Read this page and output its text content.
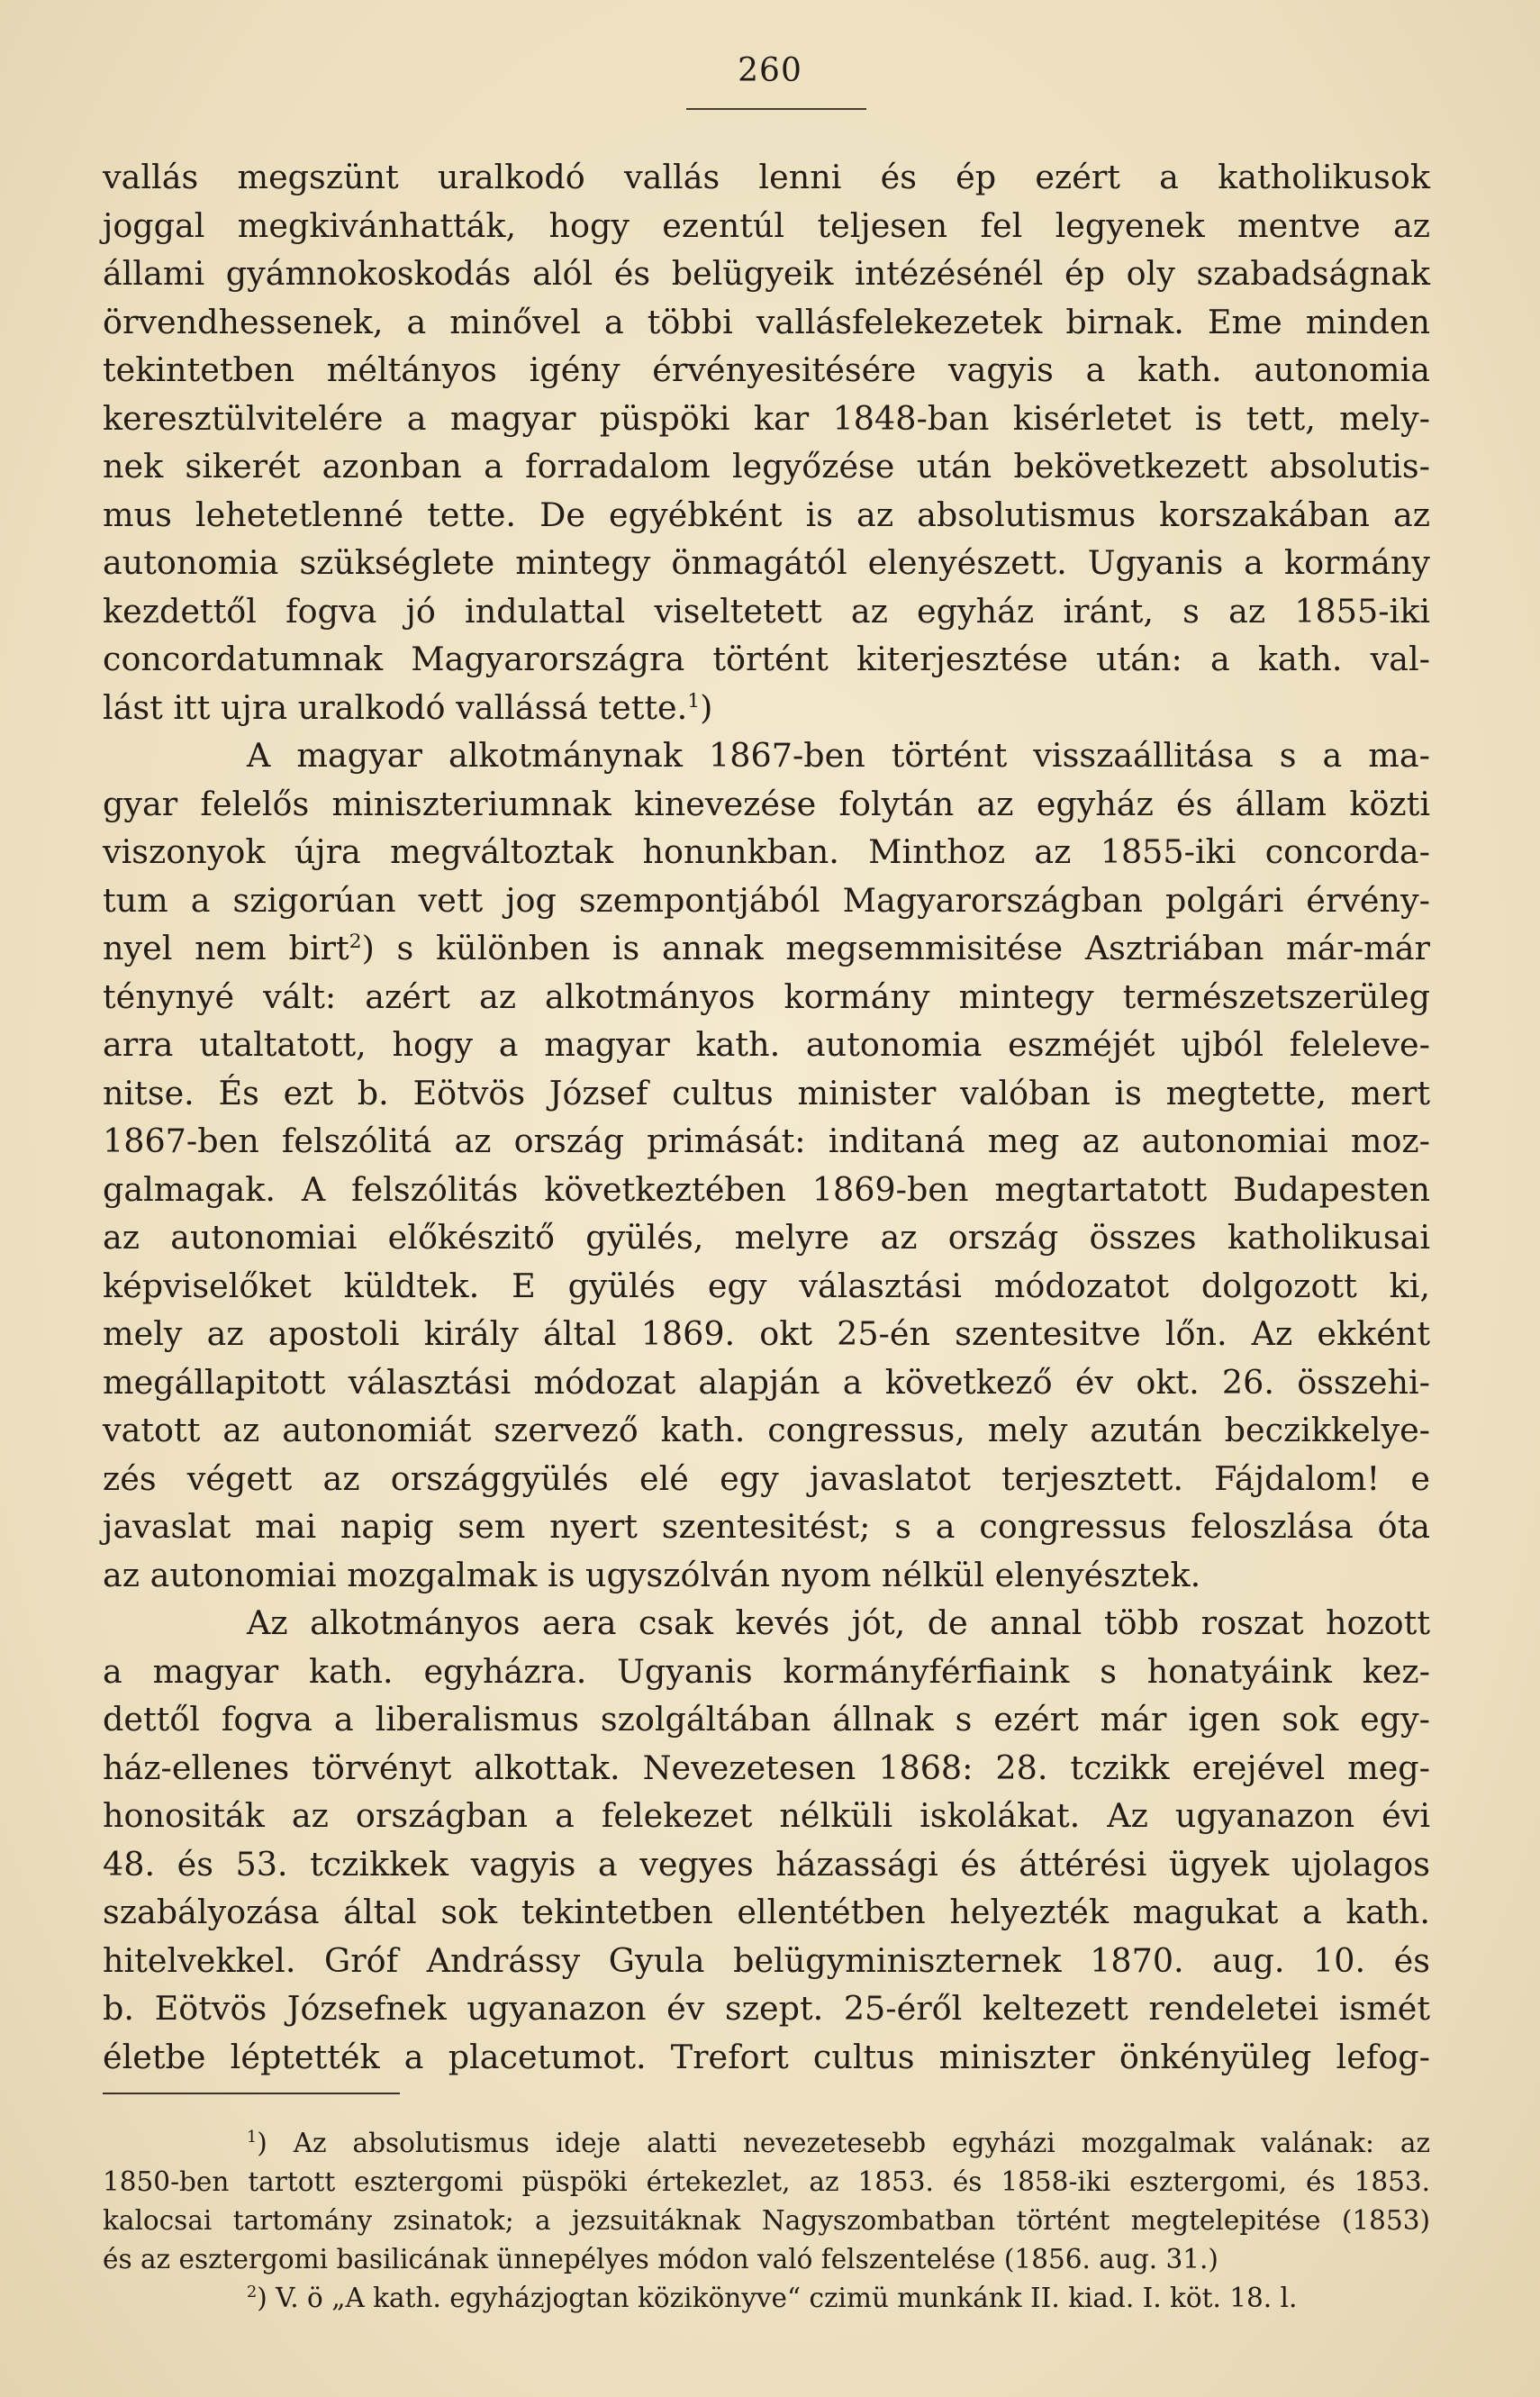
260
vallás megszünt uralkodó vallás lenni és ép ezért a katholikusok
joggal megkivánhatták, hogy ezentúl teljesen fel legyenek mentve az
állami gyámnokoskodás alól és belügyeik intézésénél ép oly szabadságnak
örvendhessenek, a minővel a többi vallásfelekezetek birnak. Eme minden
tekintetben méltányos igény érvényesitésére vagyis a kath. autonomia
keresztülvitelére a magyar püspöki kar 1848-ban kisérletet is tett, mely-
nek sikerét azonban a forradalom legyőzése után bekövetkezett absolutis-
mus lehetetlenné tette. De egyébként is az absolutismus korszakában az
autonomia szükséglete mintegy önmagától elenyészett. Ugyanis a kormány
kezdettől fogva jó indulattal viseltetett az egyház iránt, s az 1855-iki
concordatumnak Magyarországra történt kiterjesztése után: a kath. val-
lást itt ujra uralkodó vallássá tette.$^1$)
A magyar alkotmánynak 1867-ben történt visszaállitása s a ma-
gyar felelős miniszteriumnak kinevezése folytán az egyház és állam közti
viszonyok újra megváltoztak honunkban. Minthoz az 1855-iki concorda-
tum a szigorúan vett jog szempontjából Magyarországban polgári érvény-
nyel nem birt$^2$) s különben is annak megsemmisitése Asztriában már-már
ténynyé vált: azért az alkotmányos kormány mintegy természetszerüleg
arra utaltatott, hogy a magyar kath. autonomia eszméjét ujból feleleve-
nitse. És ezt b. Eötvös József cultus minister valóban is megtette, mert
1867-ben felszólitá az ország primását: inditaná meg az autonomiai moz-
galmagak. A felszólitás következtében 1869-ben megtartatott Budapesten
az autonomiai előkészitő gyülés, melyre az ország összes katholikusai
képviselőket küldtek. E gyülés egy választási módozatot dolgozott ki,
mely az apostoli király által 1869. okt 25-én szentesitve lőn. Az ekként
megállapitott választási módozat alapján a következő év okt. 26. összehi-
vatott az autonomiát szervező kath. congressus, mely azután beczikkelye-
zés végett az országgyülés elé egy javaslatot terjesztett. Fájdalom! e
javaslat mai napig sem nyert szentesitést; s a congressus feloszlása óta
az autonomiai mozgalmak is ugyszólván nyom nélkül elenyésztek.
Az alkotmányos aera csak kevés jót, de annal több roszat hozott
a magyar kath. egyházra. Ugyanis kormányférfiaink s honatyáink kez-
dettől fogva a liberalismus szolgáltában állnak s ezért már igen sok egy-
ház-ellenes törvényt alkottak. Nevezetesen 1868: 28. tczikk erejével meg-
honositák az országban a felekezet nélküli iskolákat. Az ugyanazon évi
48. és 53. tczikkek vagyis a vegyes házassági és áttérési ügyek ujolagos
szabályozása által sok tekintetben ellentétben helyezték magukat a kath.
hitelvekkel. Gróf Andrássy Gyula belügyminiszternek 1870. aug. 10. és
b. Eötvös Józsefnek ugyanazon év szept. 25-éről keltezett rendeletei ismét
életbe léptették a placetumot. Trefort cultus miniszter önkényüleg lefog-
$^1$) Az absolutismus ideje alatti nevezetesebb egyházi mozgalmak valának: az
1850-ben tartott esztergomi püspöki értekezlet, az 1853. és 1858-iki esztergomi, és 1853.
kalocsai tartomány zsinatok; a jezsuitáknak Nagyszombatban történt megtelepitése (1853)
és az esztergomi basilicának ünnepélyes módon való felszentelése (1856. aug. 31.)
$^2$) V. ö „A kath. egyházjogtan közikönyve“ czimü munkánk II. kiad. I. köt. 18. l.
